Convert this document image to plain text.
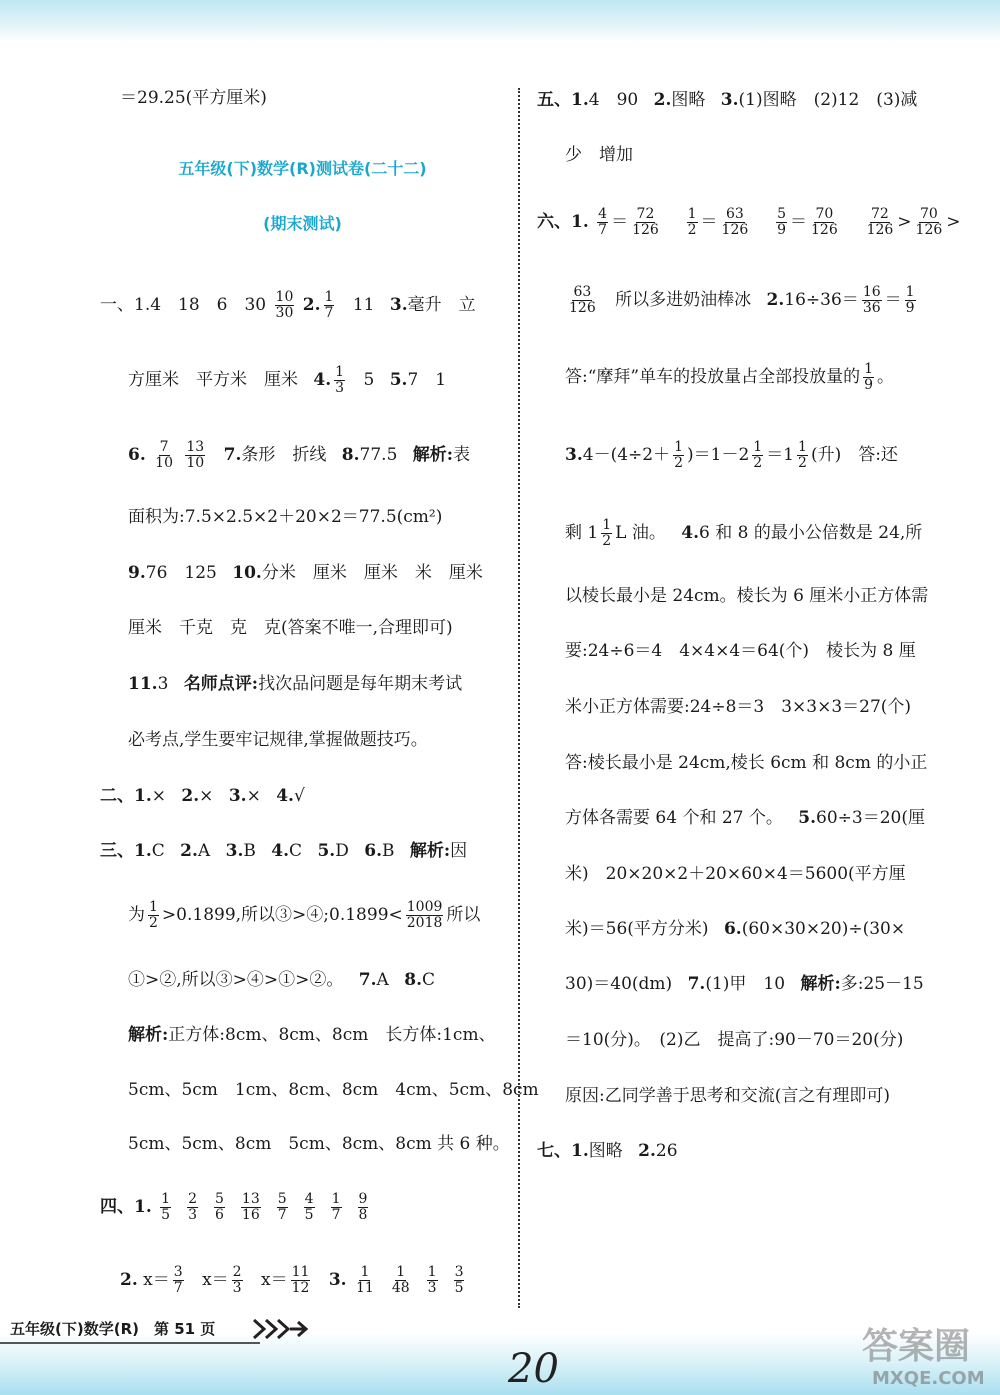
＝29.25(平方厘米)
五年级(下)数学(R)测试卷(二十二)
(期末测试)
一、1.4　18　6　$30 \frac{10}{30} 2$. $\frac{1}{7} 11$ 3.毫升　立
方厘米　平方米　厘米 4. $\frac{1}{3} 5$ 5.7　1
6. $\frac{7}{10}$
$\frac{13}{10} 7$.条形　折线 8.77.5 解析:表
面积为:7.5×2.5×2＋20×2＝77.5(cm²)
9.76　125 10.分米　厘米　厘米　米　厘米
厘米　千克　克　克(答案不唯一,合理即可)
11.3 名师点评:找次品问题是每年期末考试
必考点,学生要牢记规律,掌握做题技巧。
二、1.× 2.× 3.× 4.√
三、1.C 2.A 3.B 4.C 5.D 6.B 解析:因
为 $\frac{1}{2} >0.1899$,所以③>④;0.1899< $\frac{1009}{2018}$ 所以
①>②,所以③>④>①>②。 7.A 8.C
解析:正方体:8cm、8cm、8cm　长方体:1cm、
5cm、5cm　1cm、8cm、8cm　4cm、5cm、8cm
5cm、5cm、8cm　5cm、8cm、8cm 共 6 种。
四、1. $\frac{1}{5} \frac{2}{3} \frac{5}{6} \frac{13}{16} \frac{5}{7} \frac{4}{5} \frac{1}{7} \frac{9}{8}$
2. $x= \frac{3}{7} x= \frac{2}{3} x= \frac{11}{12} 3$. $\frac{1}{11} \frac{1}{48} \frac{1}{3} \frac{3}{5}$
五、1.4　90 2.图略 3.(1)图略　(2)12　(3)减
少　增加
六、1. $\frac{4}{7} = \frac{72}{126}$
$\frac{1}{2} = \frac{63}{126}$
$\frac{5}{9} = \frac{70}{126}$
$\frac{72}{126} > \frac{70}{126}$ >
$\frac{63}{126}$ 所以多进奶油棒冰 $2.16\div 36= \frac{16}{36} = \frac{1}{9}$
答:“摩拜”单车的投放量占全部投放量的 $\frac{1}{9}$ 。
$3.4-(4\div 2+ \frac{1}{2} )=1-2 \frac{1}{2} =1 \frac{1}{2}$ (升)　答:还
剩 $1 \frac{1}{2}$ L 油。 4.6 和 8 的最小公倍数是 24,所
以棱长最小是 24cm。棱长为 6 厘米小正方体需
要:24÷6＝4　4×4×4＝64(个)　棱长为 8 厘
米小正方体需要:24÷8＝3　3×3×3＝27(个)
答:棱长最小是 24cm,棱长 6cm 和 8cm 的小正
方体各需要 64 个和 27 个。 5.60÷3＝20(厘
米)　20×20×2＋20×60×4＝5600(平方厘
米)＝56(平方分米) 6.(60×30×20)÷(30×
30)＝40(dm) 7.(1)甲　10 解析:多:25－15
＝10(分)。　(2)乙　提高了:90－70＝20(分)
原因:乙同学善于思考和交流(言之有理即可)
七、1.图略 2.26
五年级(下)数学(R)　第 51 页
20	答案圈
MXQE.COM
